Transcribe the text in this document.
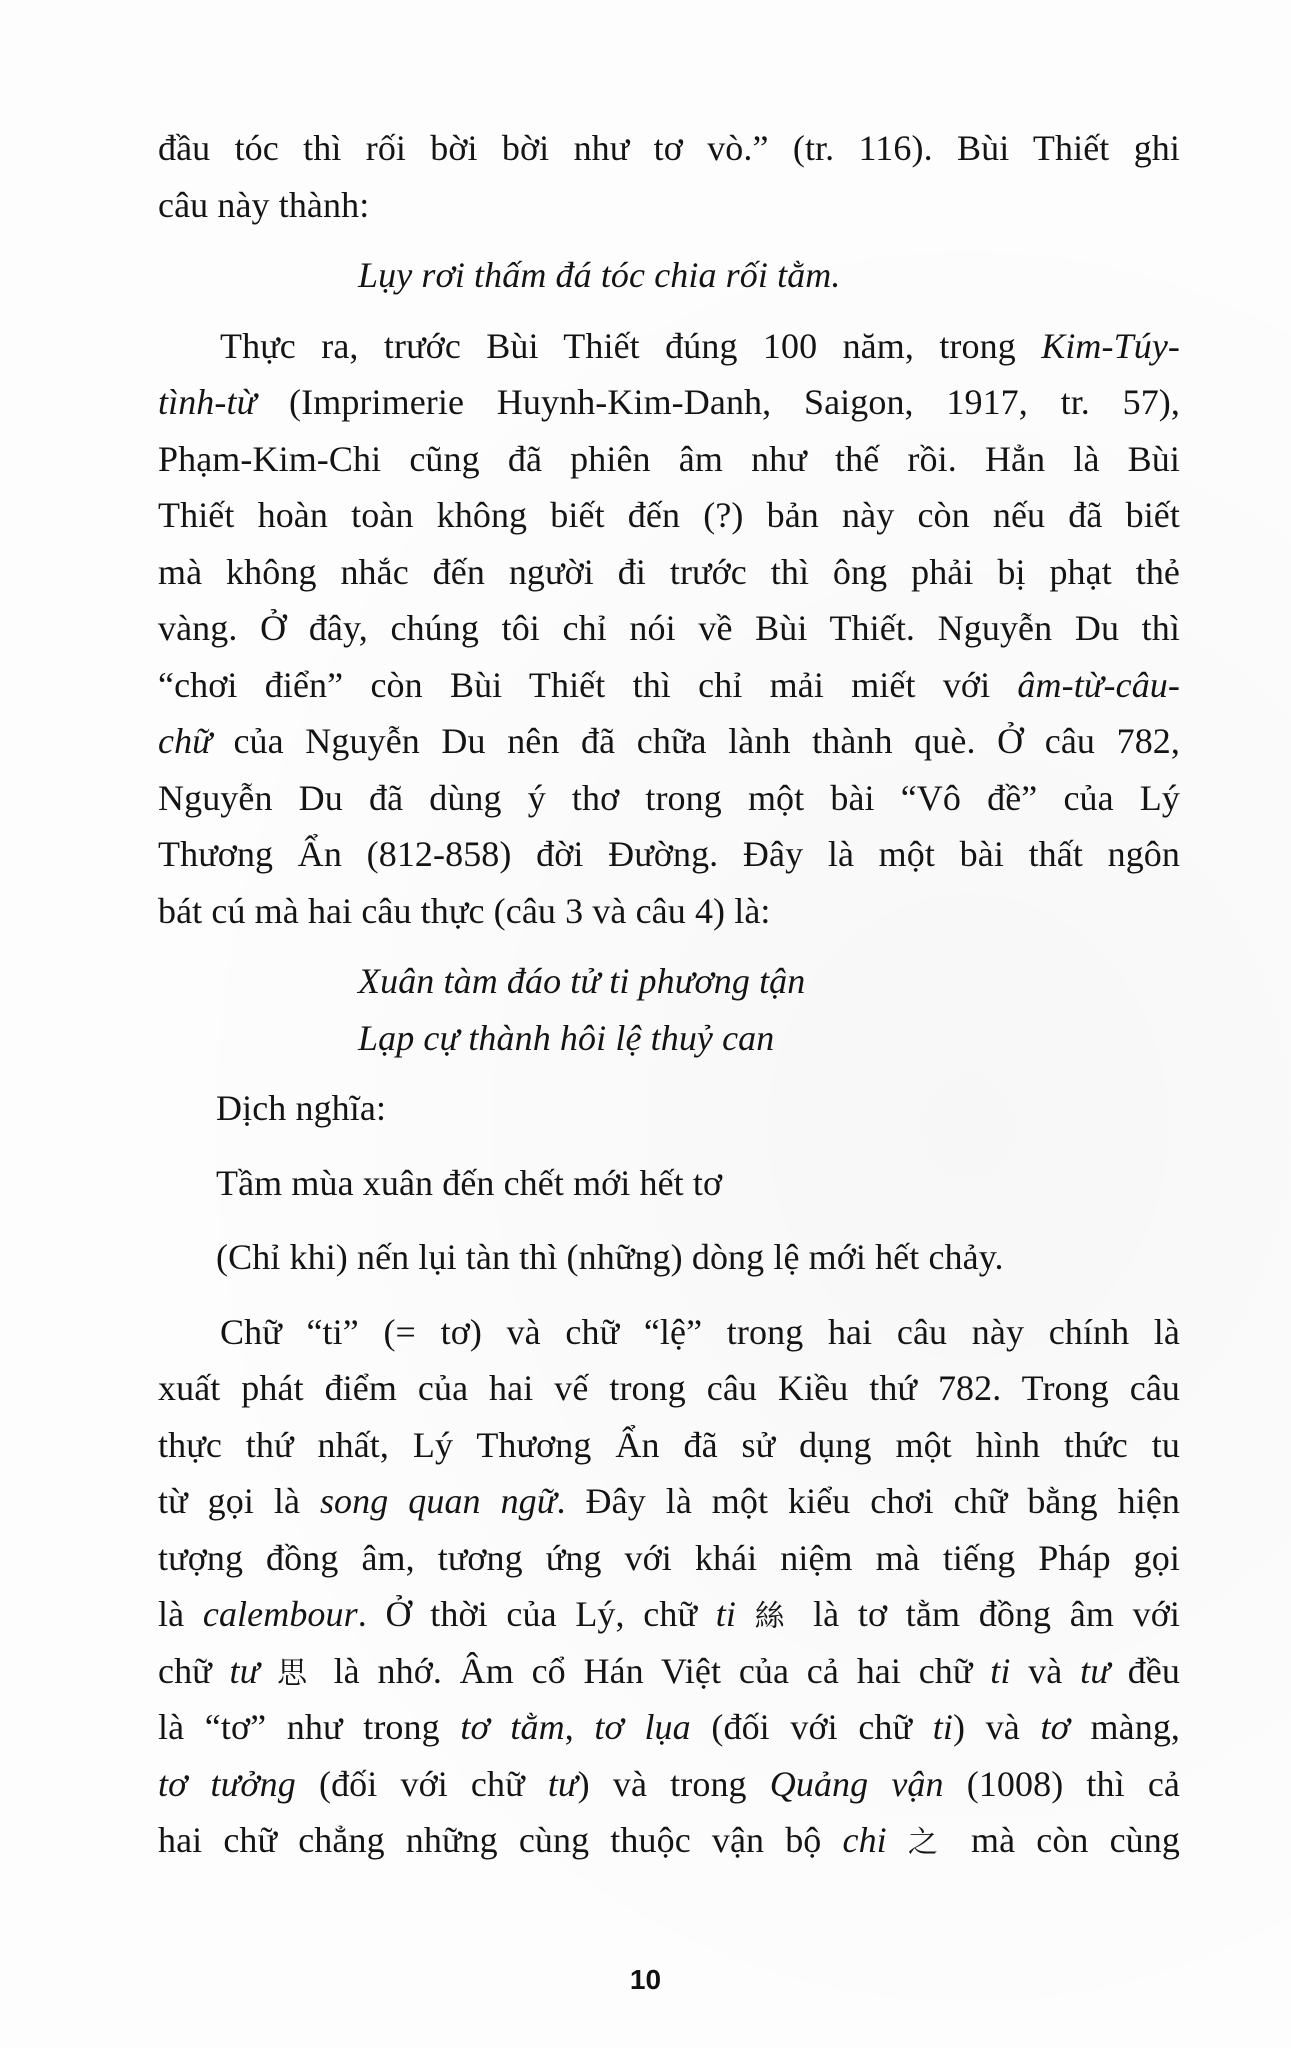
đầu tóc thì rối bời bời như tơ vò.” (tr. 116). Bùi Thiết ghi
câu này thành:
Lụy rơi thấm đá tóc chia rối tằm.
Thực ra, trước Bùi Thiết đúng 100 năm, trong Kim-Túy-
tình-từ (Imprimerie Huynh-Kim-Danh, Saigon, 1917, tr. 57),
Phạm-Kim-Chi cũng đã phiên âm như thế rồi. Hẳn là Bùi
Thiết hoàn toàn không biết đến (?) bản này còn nếu đã biết
mà không nhắc đến người đi trước thì ông phải bị phạt thẻ
vàng. Ở đây, chúng tôi chỉ nói về Bùi Thiết. Nguyễn Du thì
“chơi điển” còn Bùi Thiết thì chỉ mải miết với âm-từ-câu-
chữ của Nguyễn Du nên đã chữa lành thành què. Ở câu 782,
Nguyễn Du đã dùng ý thơ trong một bài “Vô đề” của Lý
Thương Ẩn (812-858) đời Đường. Đây là một bài thất ngôn
bát cú mà hai câu thực (câu 3 và câu 4) là:
Xuân tàm đáo tử ti phương tận
Lạp cự thành hôi lệ thuỷ can
Dịch nghĩa:
Tầm mùa xuân đến chết mới hết tơ
(Chỉ khi) nến lụi tàn thì (những) dòng lệ mới hết chảy.
Chữ “ti” (= tơ) và chữ “lệ” trong hai câu này chính là
xuất phát điểm của hai vế trong câu Kiều thứ 782. Trong câu
thực thứ nhất, Lý Thương Ẩn đã sử dụng một hình thức tu
từ gọi là song quan ngữ. Đây là một kiểu chơi chữ bằng hiện
tượng đồng âm, tương ứng với khái niệm mà tiếng Pháp gọi
là calembour. Ở thời của Lý, chữ ti 絲 là tơ tằm đồng âm với
chữ tư 思 là nhớ. Âm cổ Hán Việt của cả hai chữ ti và tư đều
là “tơ” như trong tơ tằm, tơ lụa (đối với chữ ti) và tơ màng,
tơ tưởng (đối với chữ tư) và trong Quảng vận (1008) thì cả
hai chữ chẳng những cùng thuộc vận bộ chi 之 mà còn cùng
10
